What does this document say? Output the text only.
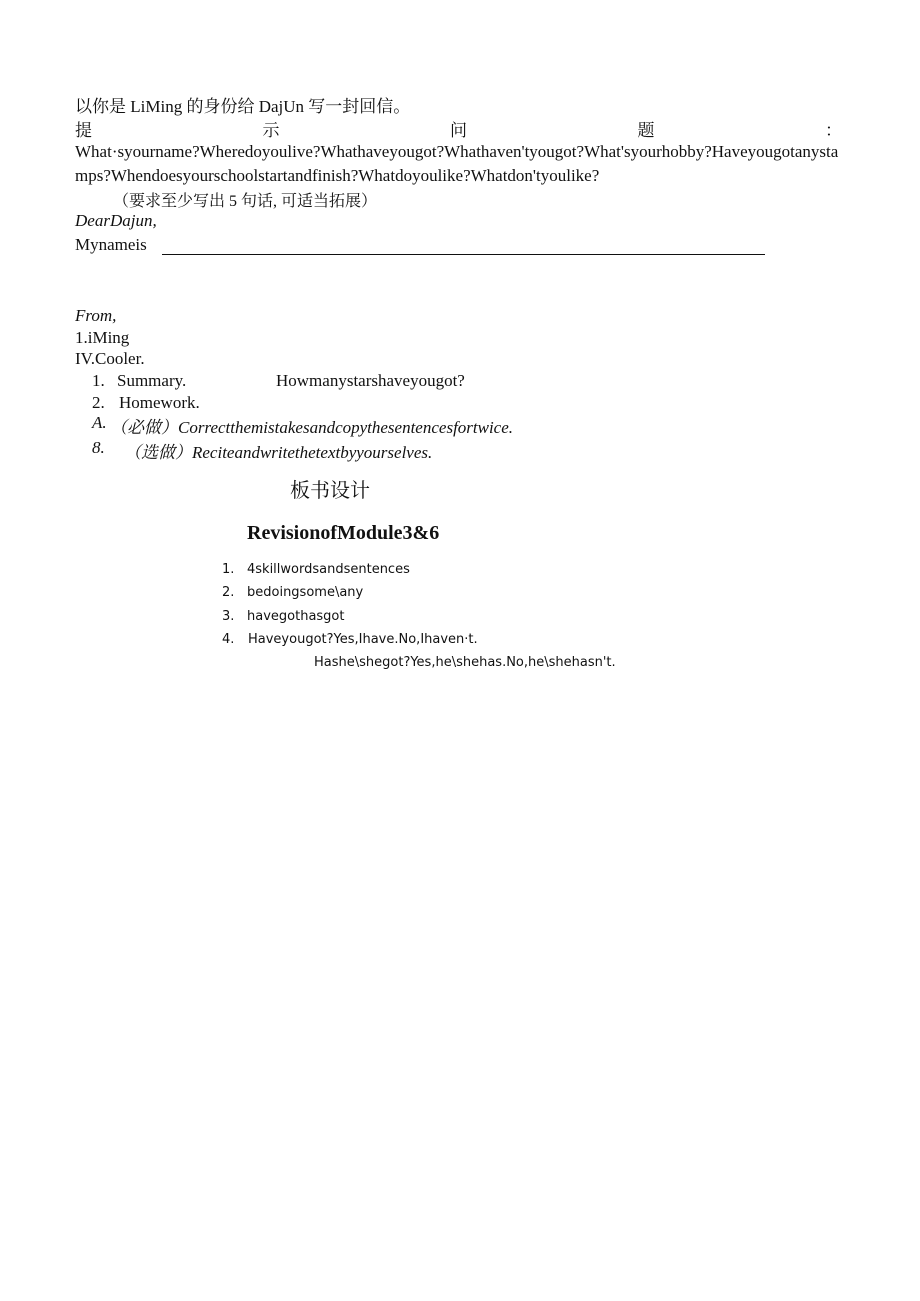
以你是 LiMing 的身份给 DajUn 写一封回信。
提	示	问	题	：
What·syourname?Wheredoyoulive?Whathaveyougot?Whathaven'tyougot?What'syourhobby?Haveyougotanystamps?Whendoesyourschoolstartandfinish?Whatdoyoulike?Whatdon'tyoulike?
（要求至少写出 5 句话, 可适当拓展）
DearDajun,
Mynameis
From,
1.iMing
IV.Cooler.
1. Summary.	Howmanystarshaveyougot?
2. Homework.
A. （必做）Correctthemistakesandcopythesentencesfortwice.
8. （选做）Reciteandwritethetextbyyourselves.
板书设计
RevisionofModule3&6
1. 4skillwordsandsentences
2. bedoingsome\any
3. havegothasgot
4. Haveyougot?Yes,Ihave.No,Ihaven·t.
Hashe\shegot?Yes,he\shehas.No,he\shehasn't.
